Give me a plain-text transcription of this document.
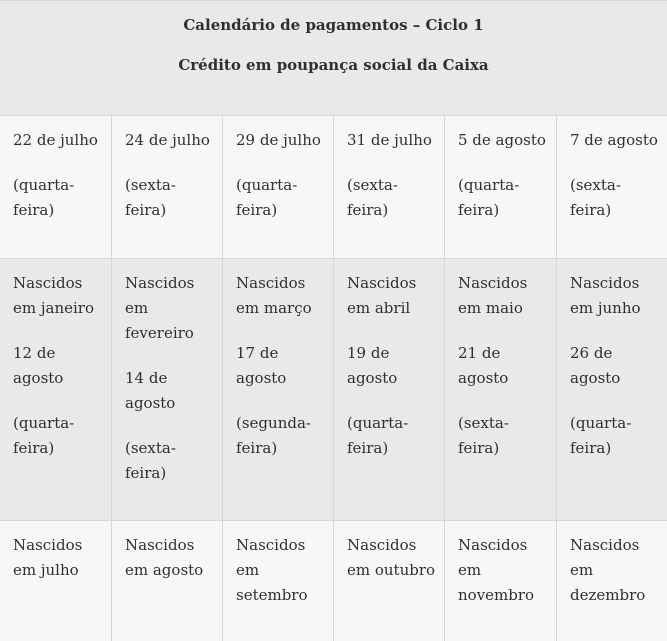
Calendário de pagamentos – Ciclo 1
Crédito em poupança social da Caixa
22 de julho
(quarta-feira)
24 de julho
(sexta-feira)
29 de julho
(quarta-feira)
31 de julho
(sexta-feira)
5 de agosto
(quarta-feira)
7 de agosto
(sexta-feira)
Nascidos em janeiro
12 de agosto
(quarta-feira)
Nascidos em fevereiro
14 de agosto
(sexta-feira)
Nascidos em março
17 de agosto
(segunda-feira)
Nascidos em abril
19 de agosto
(quarta-feira)
Nascidos em maio
21 de agosto
(sexta-feira)
Nascidos em junho
26 de agosto
(quarta-feira)
Nascidos em julho
Nascidos em agosto
Nascidos em setembro
Nascidos em outubro
Nascidos em novembro
Nascidos em dezembro
